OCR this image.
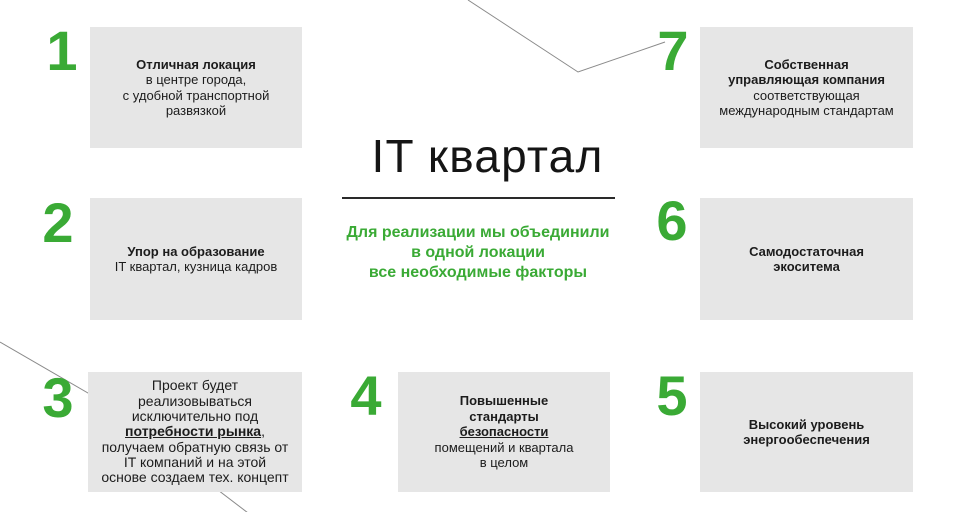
IT квартал
Для реализации мы объединили
в одной локации
все необходимые факторы
1	Отличная локация
в центре города,
с удобной транспортной
развязкой
2	Упор на образование
IT квартал, кузница кадров
3	Проект будет
реализовываться
исключительно под
потребности рынка,
получаем обратную связь от
IT компаний и на этой
основе создаем тех. концепт
4	Повышенные
стандарты
безопасности
помещений и квартала
в целом
5	Высокий уровень
энергообеспечения
6	Самодостаточная
экоситема
7	Собственная
управляющая компания
соответствующая
международным стандартам
